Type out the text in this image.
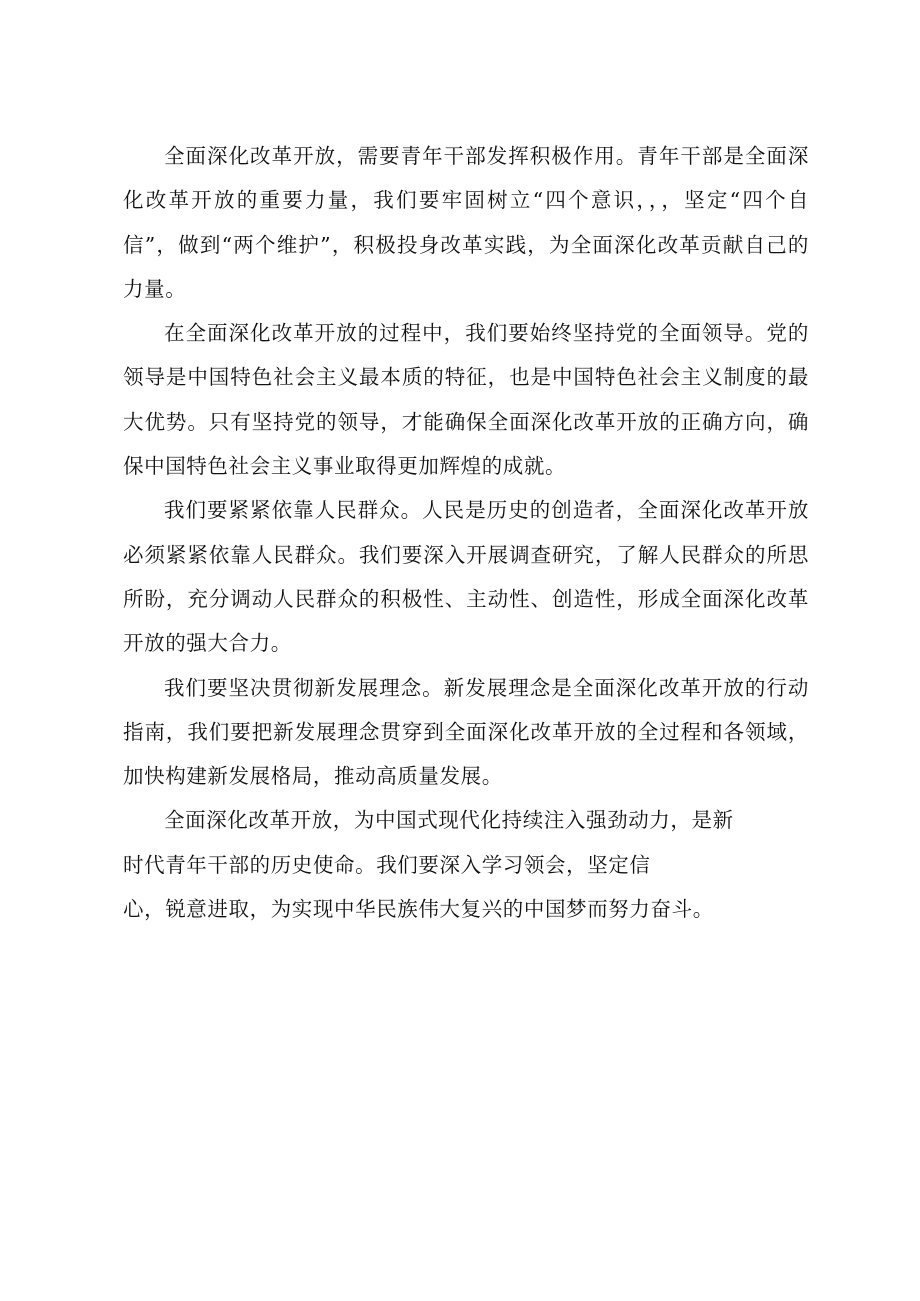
全面深化改革开放，需要青年干部发挥积极作用。青年干部是全面深化改革开放的重要力量，我们要牢固树立“四个意识，，，坚定“四个自信”，做到“两个维护”，积极投身改革实践，为全面深化改革贡献自己的力量。

在全面深化改革开放的过程中，我们要始终坚持党的全面领导。党的领导是中国特色社会主义最本质的特征，也是中国特色社会主义制度的最大优势。只有坚持党的领导，才能确保全面深化改革开放的正确方向，确保中国特色社会主义事业取得更加辉煌的成就。

我们要紧紧依靠人民群众。人民是历史的创造者，全面深化改革开放必须紧紧依靠人民群众。我们要深入开展调查研究，了解人民群众的所思所盼，充分调动人民群众的积极性、主动性、创造性，形成全面深化改革开放的强大合力。

我们要坚决贯彻新发展理念。新发展理念是全面深化改革开放的行动指南，我们要把新发展理念贯穿到全面深化改革开放的全过程和各领域，加快构建新发展格局，推动高质量发展。

全面深化改革开放，为中国式现代化持续注入强劲动力，是新
时代青年干部的历史使命。我们要深入学习领会，坚定信
心，锐意进取，为实现中华民族伟大复兴的中国梦而努力奋斗。
